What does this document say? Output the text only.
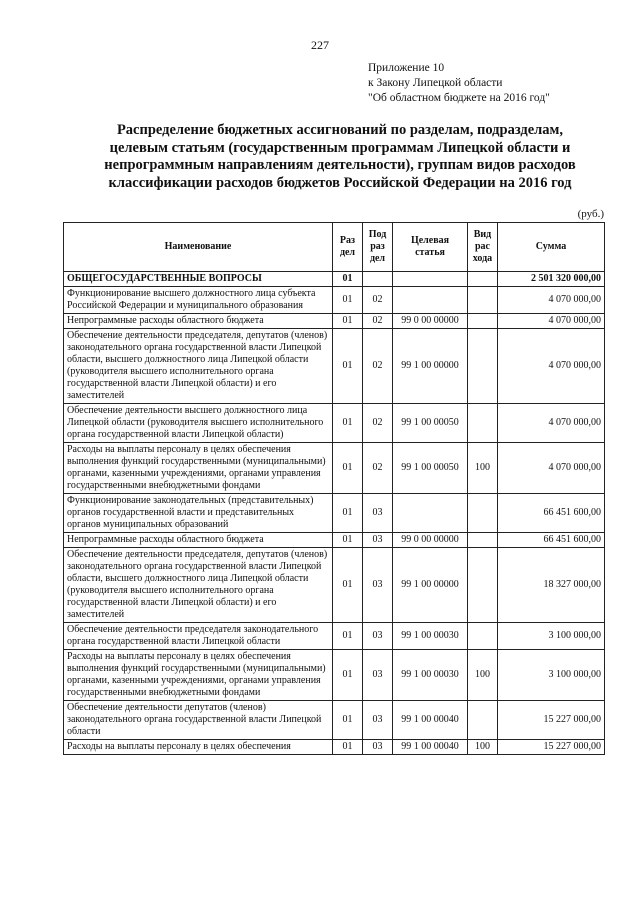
227
Приложение 10
к Закону Липецкой области
"Об областном бюджете на 2016 год"
Распределение бюджетных ассигнований по разделам, подразделам,
целевым статьям (государственным программам Липецкой области и
непрограммным направлениям деятельности), группам видов расходов
классификации расходов бюджетов Российской Федерации на 2016 год
(руб.)
Наименование	Раз дел	Под раз дел	Целевая статья	Вид рас хода	Сумма
ОБЩЕГОСУДАРСТВЕННЫЕ ВОПРОСЫ	01				2 501 320 000,00
Функционирование высшего должностного лица субъекта Российской Федерации и муниципального образования	01	02			4 070 000,00
Непрограммные расходы областного бюджета	01	02	99 0 00 00000		4 070 000,00
Обеспечение деятельности председателя, депутатов (членов) законодательного органа государственной власти Липецкой области, высшего должностного лица Липецкой области (руководителя высшего исполнительного органа государственной власти Липецкой области) и его заместителей	01	02	99 1 00 00000		4 070 000,00
Обеспечение деятельности высшего должностного лица Липецкой области (руководителя высшего исполнительного органа государственной власти Липецкой области)	01	02	99 1 00 00050		4 070 000,00
Расходы на выплаты персоналу в целях обеспечения выполнения функций государственными (муниципальными) органами, казенными учреждениями, органами управления государственными внебюджетными фондами	01	02	99 1 00 00050	100	4 070 000,00
Функционирование законодательных (представительных) органов государственной власти и представительных органов муниципальных образований	01	03			66 451 600,00
Непрограммные расходы областного бюджета	01	03	99 0 00 00000		66 451 600,00
Обеспечение деятельности председателя, депутатов (членов) законодательного органа государственной власти Липецкой области, высшего должностного лица Липецкой области (руководителя высшего исполнительного органа государственной власти Липецкой области) и его заместителей	01	03	99 1 00 00000		18 327 000,00
Обеспечение деятельности председателя законодательного органа государственной власти Липецкой области	01	03	99 1 00 00030		3 100 000,00
Расходы на выплаты персоналу в целях обеспечения выполнения функций государственными (муниципальными) органами, казенными учреждениями, органами управления государственными внебюджетными фондами	01	03	99 1 00 00030	100	3 100 000,00
Обеспечение деятельности депутатов (членов) законодательного органа государственной власти Липецкой области	01	03	99 1 00 00040		15 227 000,00
Расходы на выплаты персоналу в целях обеспечения	01	03	99 1 00 00040	100	15 227 000,00
